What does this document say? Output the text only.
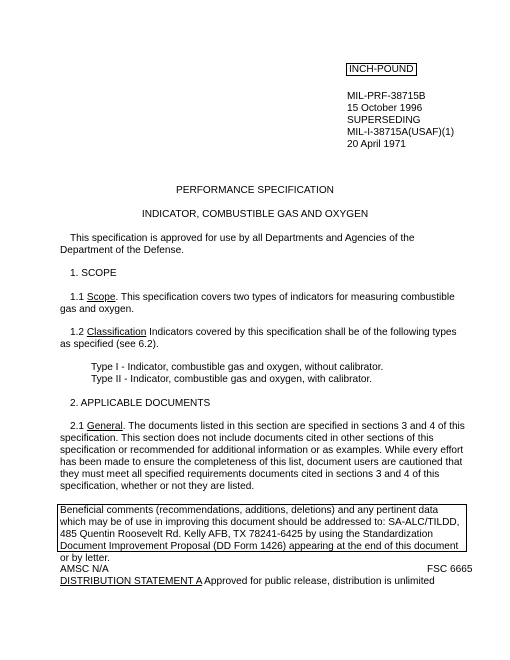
INCH-POUND
MIL-PRF-38715B
15 October 1996
SUPERSEDING
MIL-I-38715A(USAF)(1)
20 April 1971
PERFORMANCE SPECIFICATION
INDICATOR, COMBUSTIBLE GAS AND OXYGEN
This specification is approved for use by all Departments and Agencies of the Department of the Defense.
1. SCOPE
1.1 Scope. This specification covers two types of indicators for measuring combustible gas and oxygen.
1.2 Classification Indicators covered by this specification shall be of the following types as specified (see 6.2).
Type I - Indicator, combustible gas and oxygen, without calibrator.
Type II - Indicator, combustible gas and oxygen, with calibrator.
2. APPLICABLE DOCUMENTS
2.1 General. The documents listed in this section are specified in sections 3 and 4 of this specification. This section does not include documents cited in other sections of this specification or recommended for additional information or as examples. While every effort has been made to ensure the completeness of this list, document users are cautioned that they must meet all specified requirements documents cited in sections 3 and 4 of this specification, whether or not they are listed.
Beneficial comments (recommendations, additions, deletions) and any pertinent data which may be of use in improving this document should be addressed to: SA-ALC/TILDD, 485 Quentin Roosevelt Rd. Kelly AFB, TX 78241-6425 by using the Standardization Document Improvement Proposal (DD Form 1426) appearing at the end of this document or by letter.
AMSC N/A	FSC 6665
DISTRIBUTION STATEMENT A Approved for public release, distribution is unlimited
